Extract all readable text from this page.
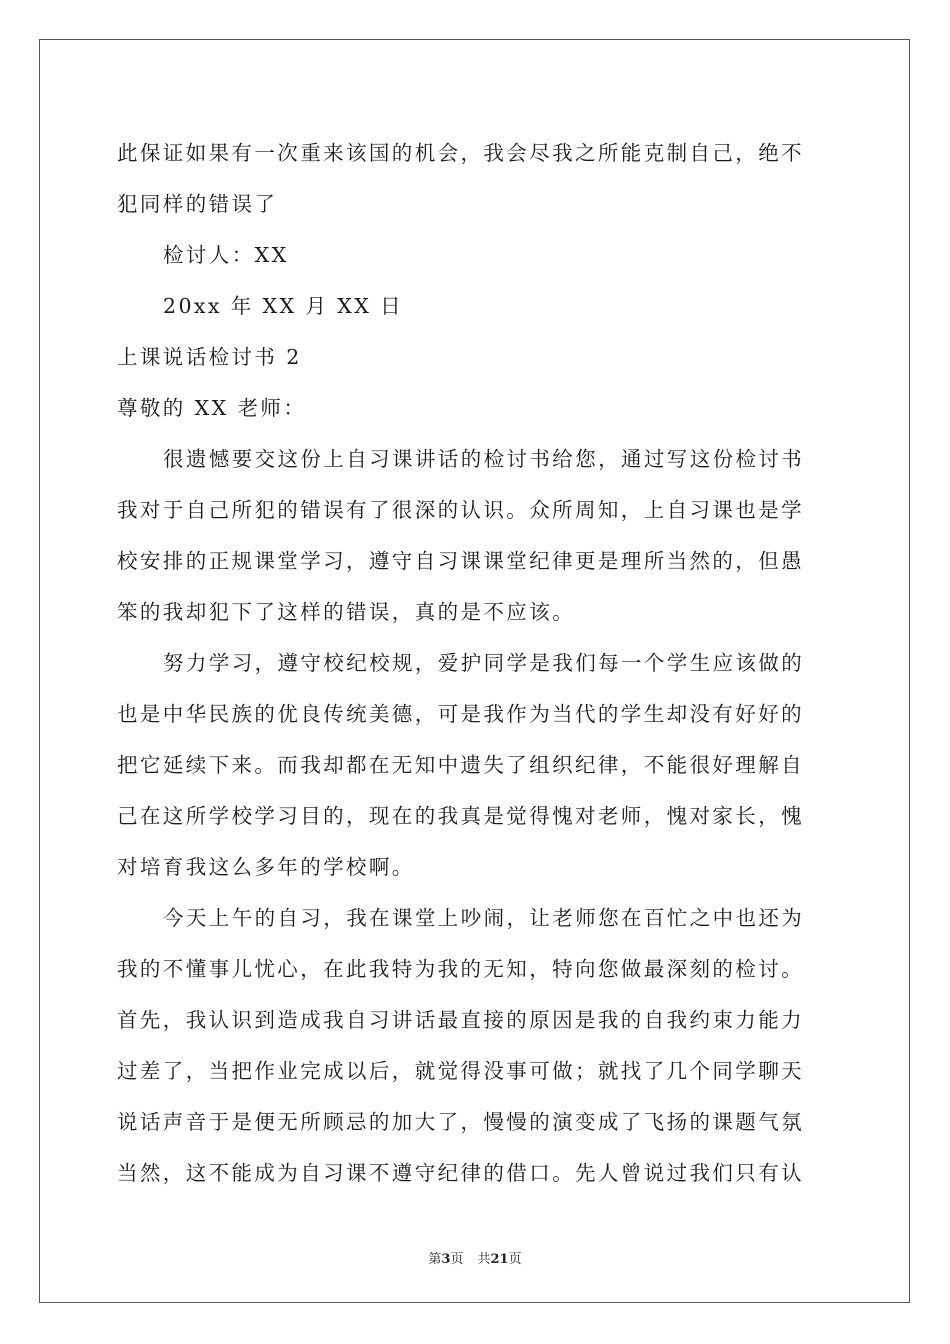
此保证如果有一次重来该国的机会，我会尽我之所能克制自己，绝不
犯同样的错误了
检讨人：XX
20xx 年 XX 月 XX 日
上课说话检讨书 2
尊敬的 XX 老师：
很遗憾要交这份上自习课讲话的检讨书给您，通过写这份检讨书
我对于自己所犯的错误有了很深的认识。众所周知，上自习课也是学
校安排的正规课堂学习，遵守自习课课堂纪律更是理所当然的，但愚
笨的我却犯下了这样的错误，真的是不应该。
努力学习，遵守校纪校规，爱护同学是我们每一个学生应该做的
也是中华民族的优良传统美德，可是我作为当代的学生却没有好好的
把它延续下来。而我却都在无知中遗失了组织纪律，不能很好理解自
己在这所学校学习目的，现在的我真是觉得愧对老师，愧对家长，愧
对培育我这么多年的学校啊。
今天上午的自习，我在课堂上吵闹，让老师您在百忙之中也还为
我的不懂事儿忧心，在此我特为我的无知，特向您做最深刻的检讨。
首先，我认识到造成我自习讲话最直接的原因是我的自我约束力能力
过差了，当把作业完成以后，就觉得没事可做；就找了几个同学聊天
说话声音于是便无所顾忌的加大了，慢慢的演变成了飞扬的课题气氛
当然，这不能成为自习课不遵守纪律的借口。先人曾说过我们只有认
第3页 共21页
